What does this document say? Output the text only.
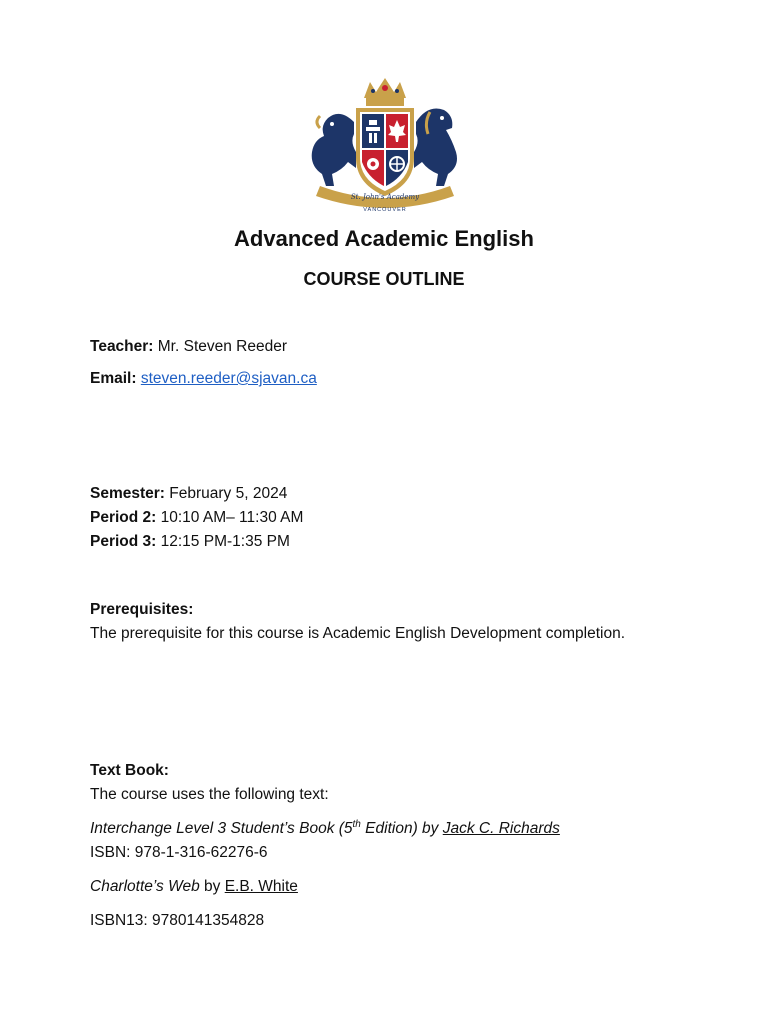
St. John's Academy
VANCOUVER
Advanced Academic English
COURSE OUTLINE
Teacher: Mr. Steven Reeder
Email: steven.reeder@sjavan.ca
Semester: February 5, 2024
Period 2: 10:10 AM– 11:30 AM
Period 3: 12:15 PM-1:35 PM
Prerequisites:
The prerequisite for this course is Academic English Development completion.
Text Book:
The course uses the following text:
Interchange Level 3 Student’s Book (5th Edition) by Jack C. Richards
ISBN: 978-1-316-62276-6
Charlotte’s Web by E.B. White
ISBN13: 9780141354828
